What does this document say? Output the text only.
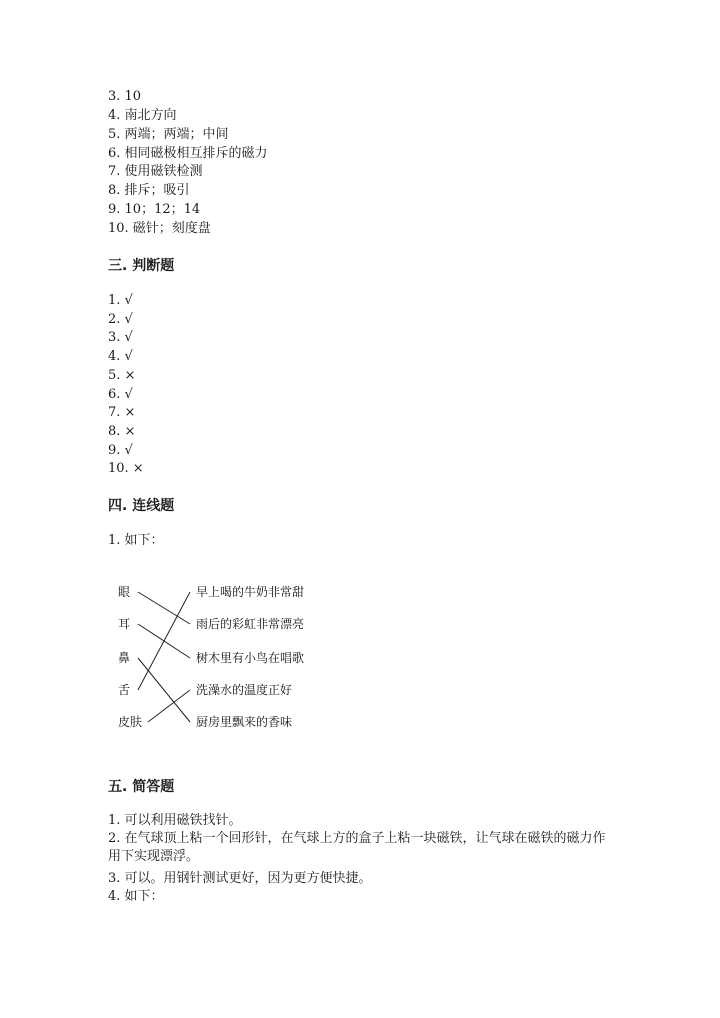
3. 10
4. 南北方向
5. 两端；两端；中间
6. 相同磁极相互排斥的磁力
7. 使用磁铁检测
8. 排斥；吸引
9. 10；12；14
10. 磁针；刻度盘
三. 判断题
1. √
2. √
3. √
4. √
5. ×
6. √
7. ×
8. ×
9. √
10. ×
四. 连线题
1. 如下：
眼
耳
鼻
舌
皮肤
早上喝的牛奶非常甜
雨后的彩虹非常漂亮
树木里有小鸟在唱歌
洗澡水的温度正好
厨房里飘来的香味
五. 简答题
1. 可以利用磁铁找针。
2. 在气球顶上粘一个回形针，在气球上方的盒子上粘一块磁铁，让气球在磁铁的磁力作用下实现漂浮。
3. 可以。用钢针测试更好，因为更方便快捷。
4. 如下：
